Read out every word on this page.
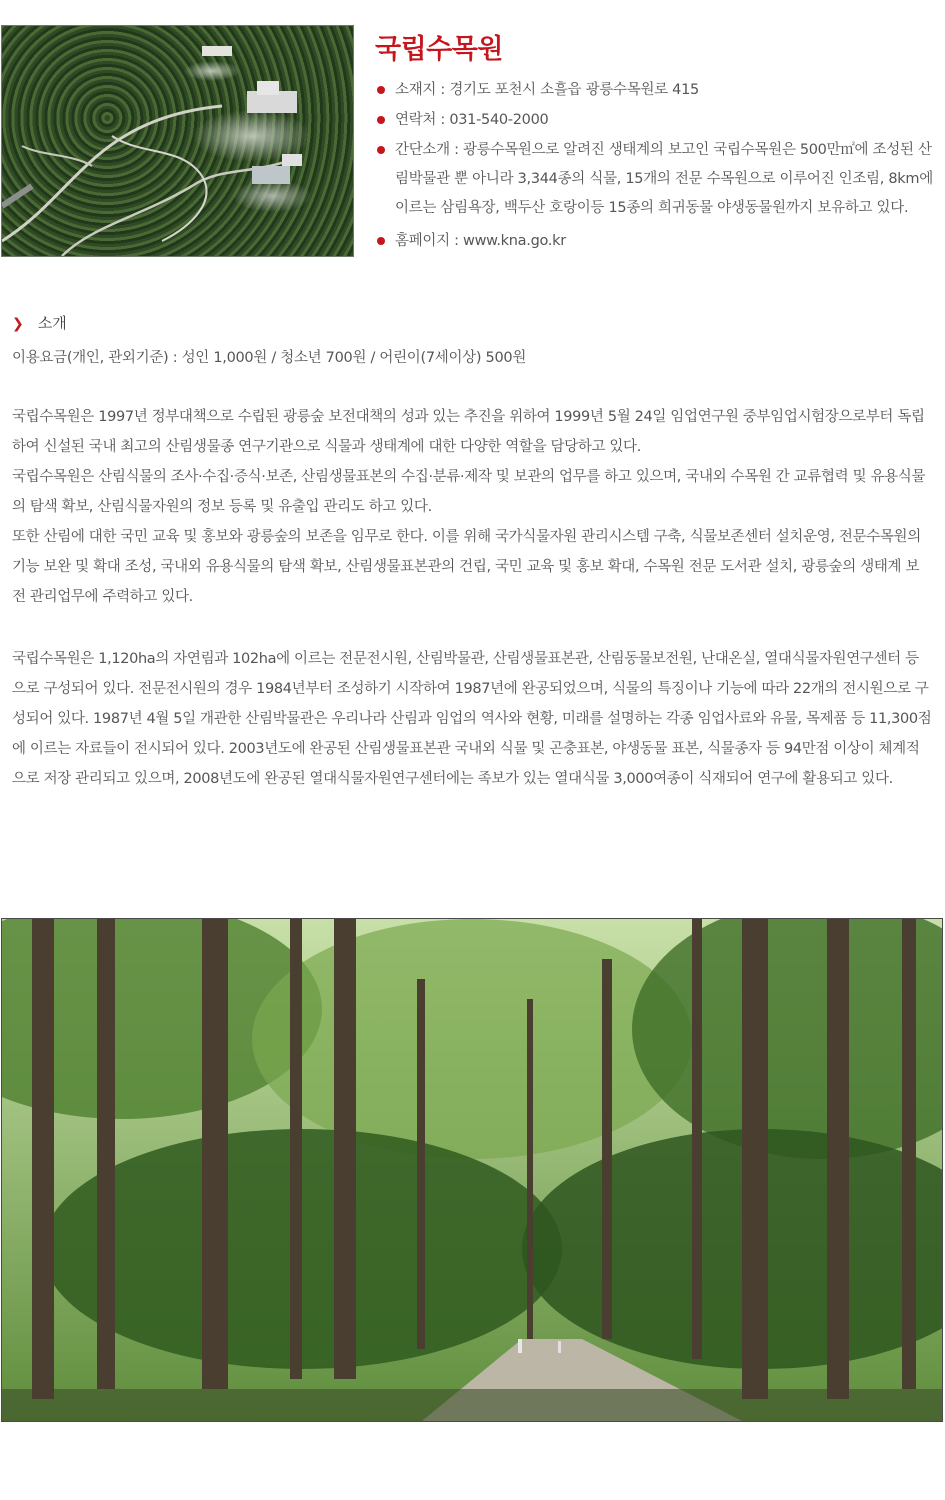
국립수목원
소재지 : 경기도 포천시 소흘읍 광릉수목원로 415
연락처 : 031-540-2000
간단소개 : 광릉수목원으로 알려진 생태계의 보고인 국립수목원은 500만㎡에 조성된 산림박물관 뿐 아니라 3,344종의 식물, 15개의 전문 수목원으로 이루어진 인조림, 8km에 이르는 삼림욕장, 백두산 호랑이등 15종의 희귀동물 야생동물원까지 보유하고 있다.
홈페이지 : www.kna.go.kr
❯ 소개
이용요금(개인, 관외기준) : 성인 1,000원 / 청소년 700원 / 어린이(7세이상) 500원
국립수목원은 1997년 정부대책으로 수립된 광릉숲 보전대책의 성과 있는 추진을 위하여 1999년 5월 24일 임업연구원 중부임업시험장으로부터 독립하여 신설된 국내 최고의 산림생물종 연구기관으로 식물과 생태계에 대한 다양한 역할을 담당하고 있다.
국립수목원은 산림식물의 조사·수집·증식·보존, 산림생물표본의 수집·분류·제작 및 보관의 업무를 하고 있으며, 국내외 수목원 간 교류협력 및 유용식물의 탐색 확보, 산림식물자원의 정보 등록 및 유출입 관리도 하고 있다.
또한 산림에 대한 국민 교육 및 홍보와 광릉숲의 보존을 임무로 한다. 이를 위해 국가식물자원 관리시스템 구축, 식물보존센터 설치운영, 전문수목원의 기능 보완 및 확대 조성, 국내외 유용식물의 탐색 확보, 산림생물표본관의 건립, 국민 교육 및 홍보 확대, 수목원 전문 도서관 설치, 광릉숲의 생태계 보전 관리업무에 주력하고 있다.

국립수목원은 1,120ha의 자연림과 102ha에 이르는 전문전시원, 산림박물관, 산림생물표본관, 산림동물보전원, 난대온실, 열대식물자원연구센터 등으로 구성되어 있다. 전문전시원의 경우 1984년부터 조성하기 시작하여 1987년에 완공되었으며, 식물의 특징이나 기능에 따라 22개의 전시원으로 구성되어 있다. 1987년 4월 5일 개관한 산림박물관은 우리나라 산림과 임업의 역사와 현황, 미래를 설명하는 각종 임업사료와 유물, 목제품 등 11,300점에 이르는 자료들이 전시되어 있다. 2003년도에 완공된 산림생물표본관 국내외 식물 및 곤충표본, 야생동물 표본, 식물종자 등 94만점 이상이 체계적으로 저장 관리되고 있으며, 2008년도에 완공된 열대식물자원연구센터에는 족보가 있는 열대식물 3,000여종이 식재되어 연구에 활용되고 있다.
